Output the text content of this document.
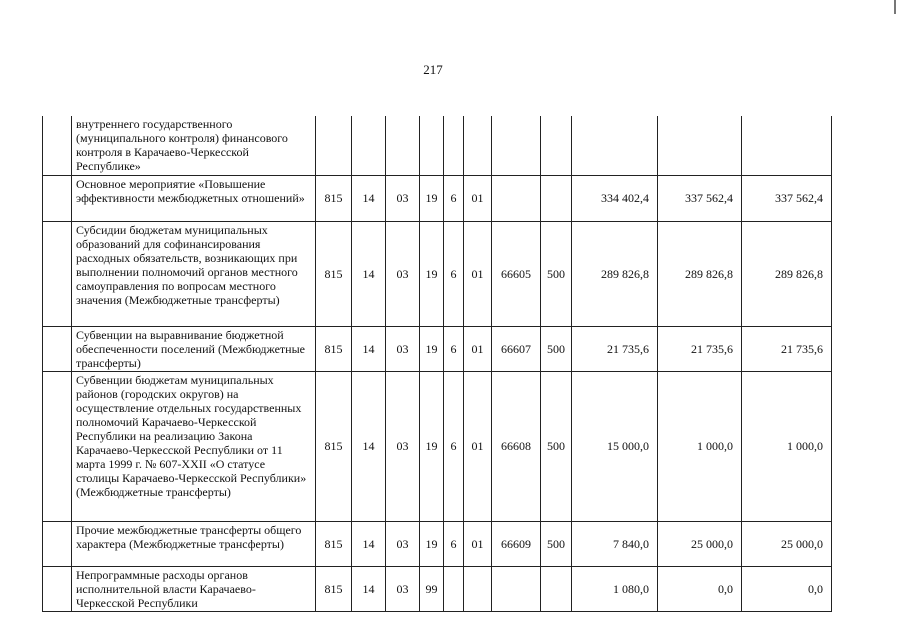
217
	внутреннего государственного (муниципального контроля) финансового контроля в Карачаево-Черкесской Республике»											
	Основное мероприятие «Повышение эффективности межбюджетных отношений»	815	14	03	19	6	01			334 402,4	337 562,4	337 562,4
	Субсидии бюджетам муниципальных образований для софинансирования расходных обязательств, возникающих при выполнении полномочий органов местного самоуправления по вопросам местного значения (Межбюджетные трансферты)	815	14	03	19	6	01	66605	500	289 826,8	289 826,8	289 826,8
	Субвенции на выравнивание бюджетной обеспеченности поселений (Межбюджетные трансферты)	815	14	03	19	6	01	66607	500	21 735,6	21 735,6	21 735,6
	Субвенции бюджетам муниципальных районов (городских округов) на осуществление отдельных государственных полномочий Карачаево-Черкесской Республики на реализацию Закона Карачаево-Черкесской Республики от 11 марта 1999 г. № 607-XXII «О статусе столицы Карачаево-Черкесской Республики» (Межбюджетные трансферты)	815	14	03	19	6	01	66608	500	15 000,0	1 000,0	1 000,0
	Прочие межбюджетные трансферты общего характера (Межбюджетные трансферты)	815	14	03	19	6	01	66609	500	7 840,0	25 000,0	25 000,0
	Непрограммные расходы органов исполнительной власти Карачаево-Черкесской Республики	815	14	03	99					1 080,0	0,0	0,0
